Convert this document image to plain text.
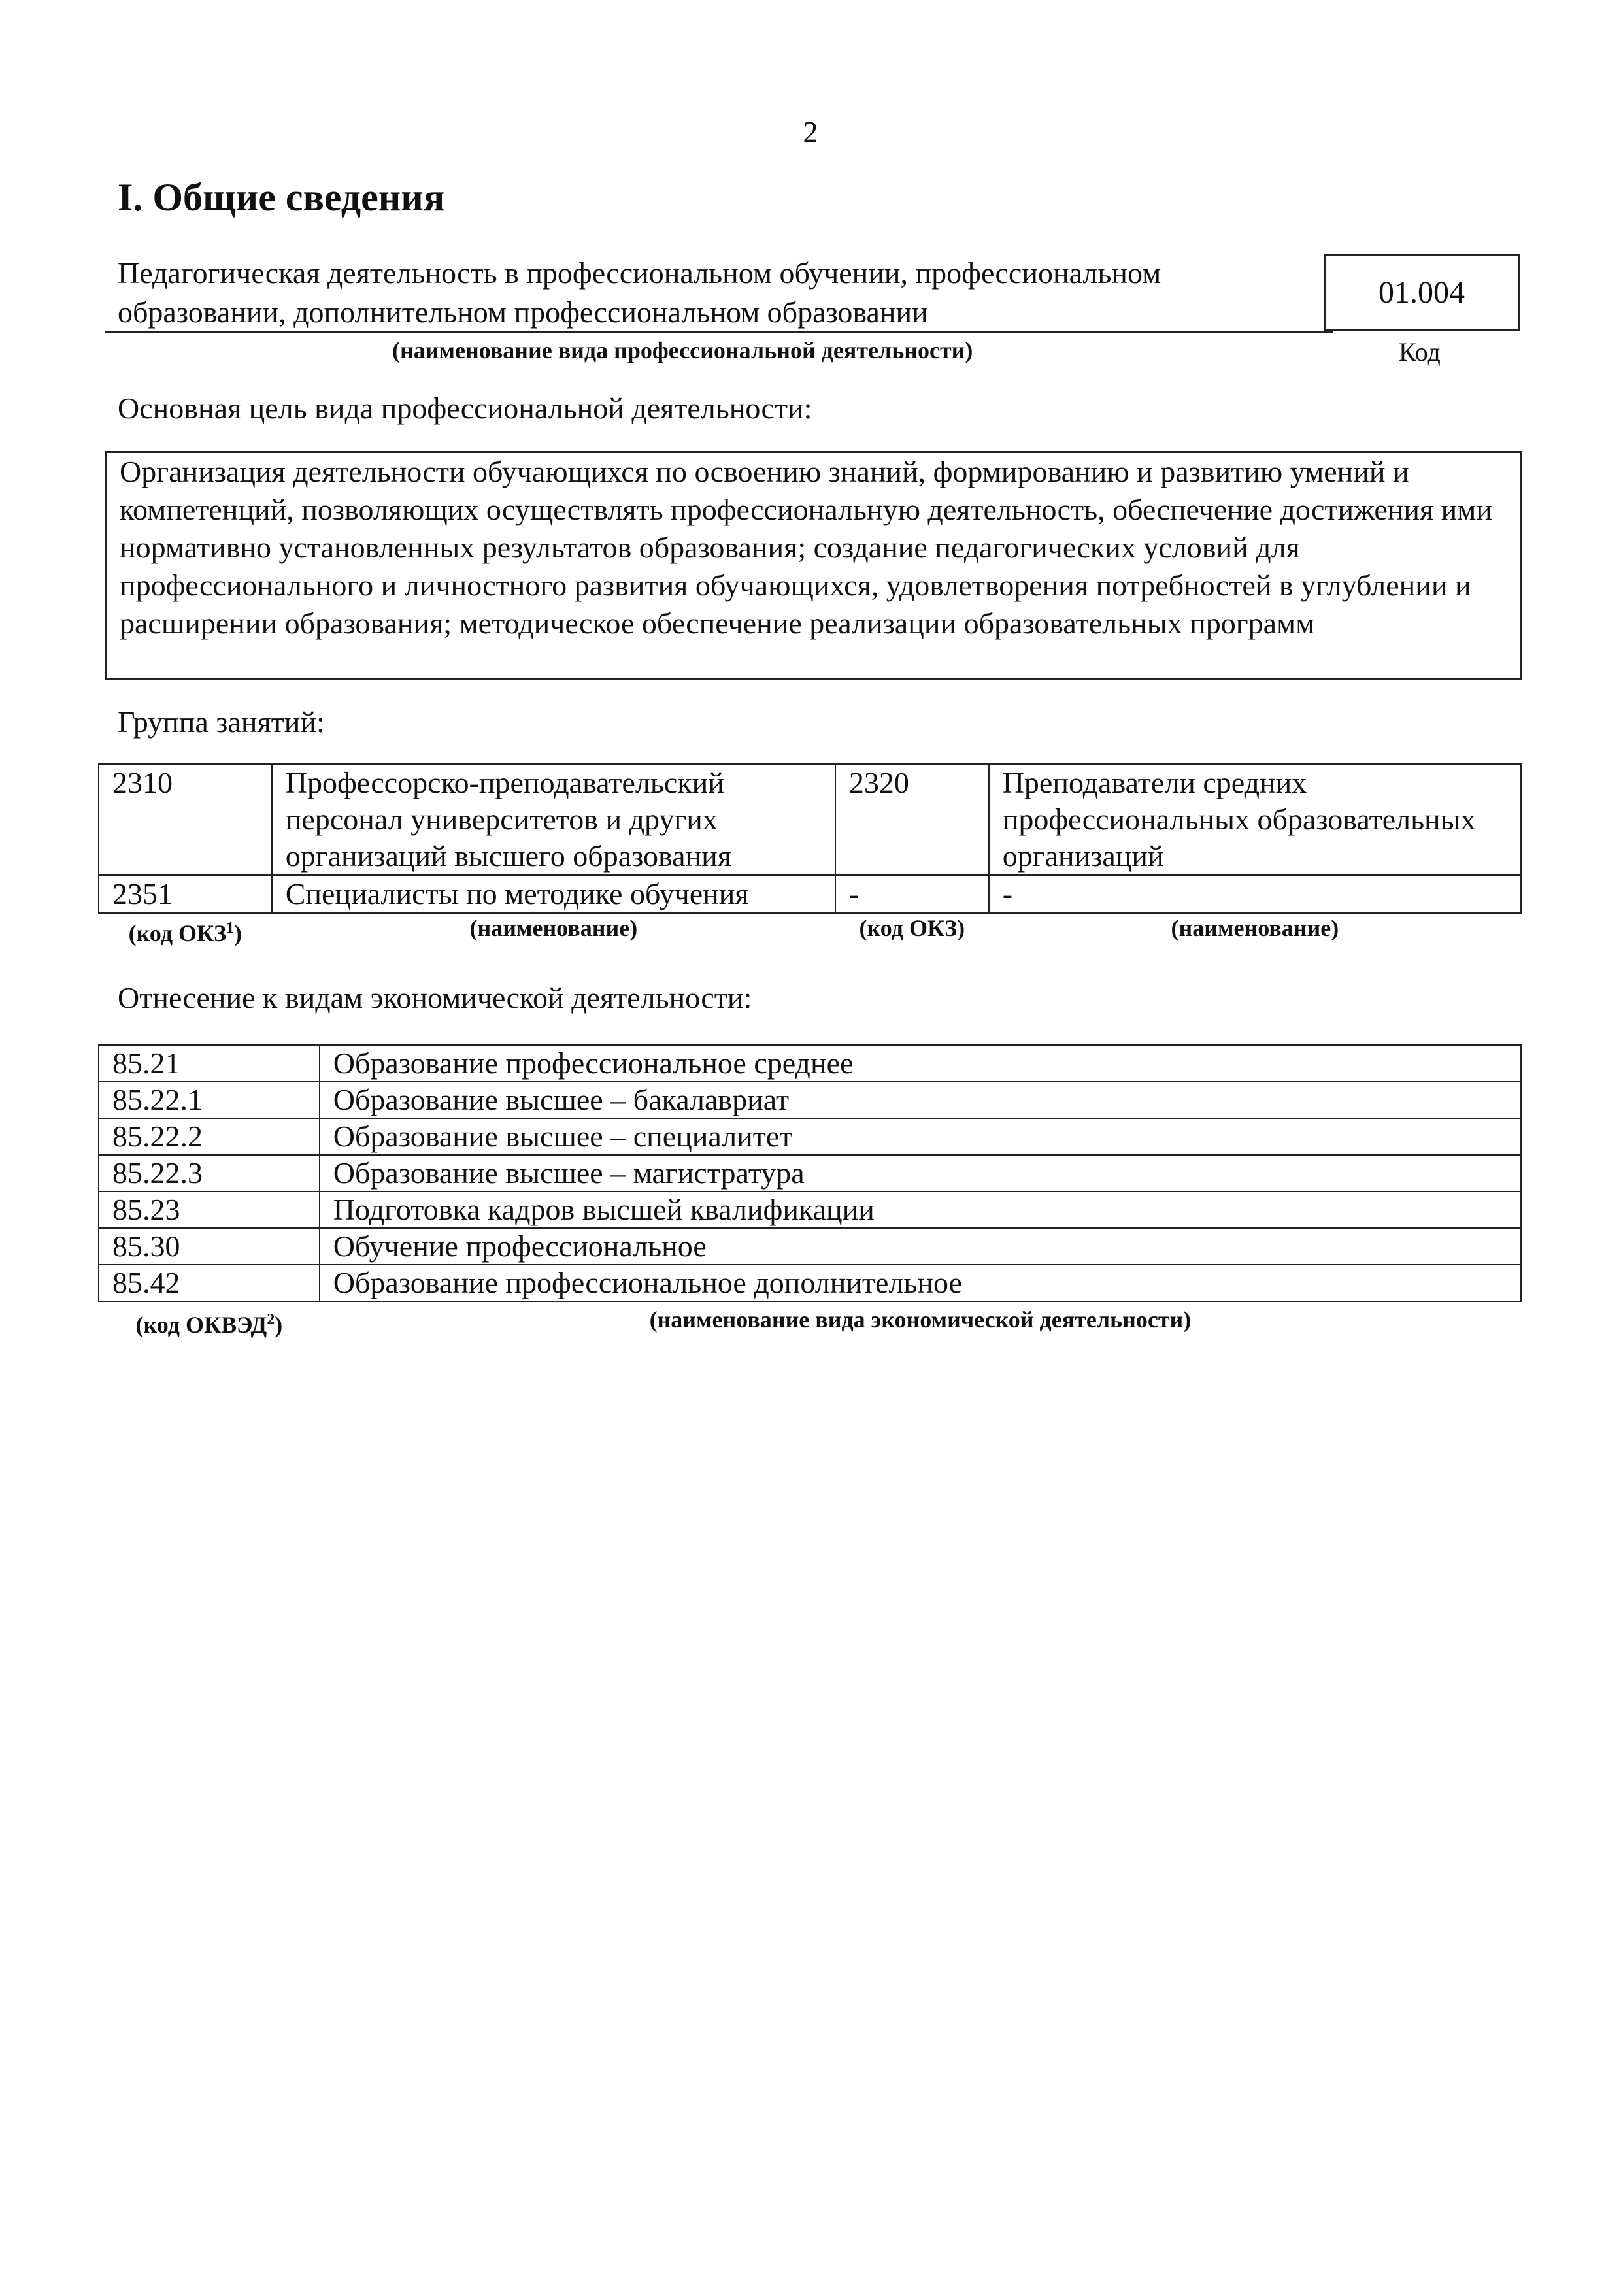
2
I. Общие сведения
Педагогическая деятельность в профессиональном обучении, профессиональном образовании, дополнительном профессиональном образовании
01.004
(наименование вида профессиональной деятельности)	Код
Основная цель вида профессиональной деятельности:
Организация деятельности обучающихся по освоению знаний, формированию и развитию умений и компетенций, позволяющих осуществлять профессиональную деятельность, обеспечение достижения ими нормативно установленных результатов образования; создание педагогических условий для профессионального и личностного развития обучающихся, удовлетворения потребностей в углублении и расширении образования; методическое обеспечение реализации образовательных программ
Группа занятий:
2310	Профессорско-преподавательский персонал университетов и других организаций высшего образования	2320	Преподаватели средних профессиональных образовательных организаций
2351	Специалисты по методике обучения	-	-
(код ОКЗ$^1$)	(наименование)	(код ОКЗ)	(наименование)
Отнесение к видам экономической деятельности:
85.21	Образование профессиональное среднее
85.22.1	Образование высшее – бакалавриат
85.22.2	Образование высшее – специалитет
85.22.3	Образование высшее – магистратура
85.23	Подготовка кадров высшей квалификации
85.30	Обучение профессиональное
85.42	Образование профессиональное дополнительное
(код ОКВЭД$^2$)	(наименование вида экономической деятельности)
